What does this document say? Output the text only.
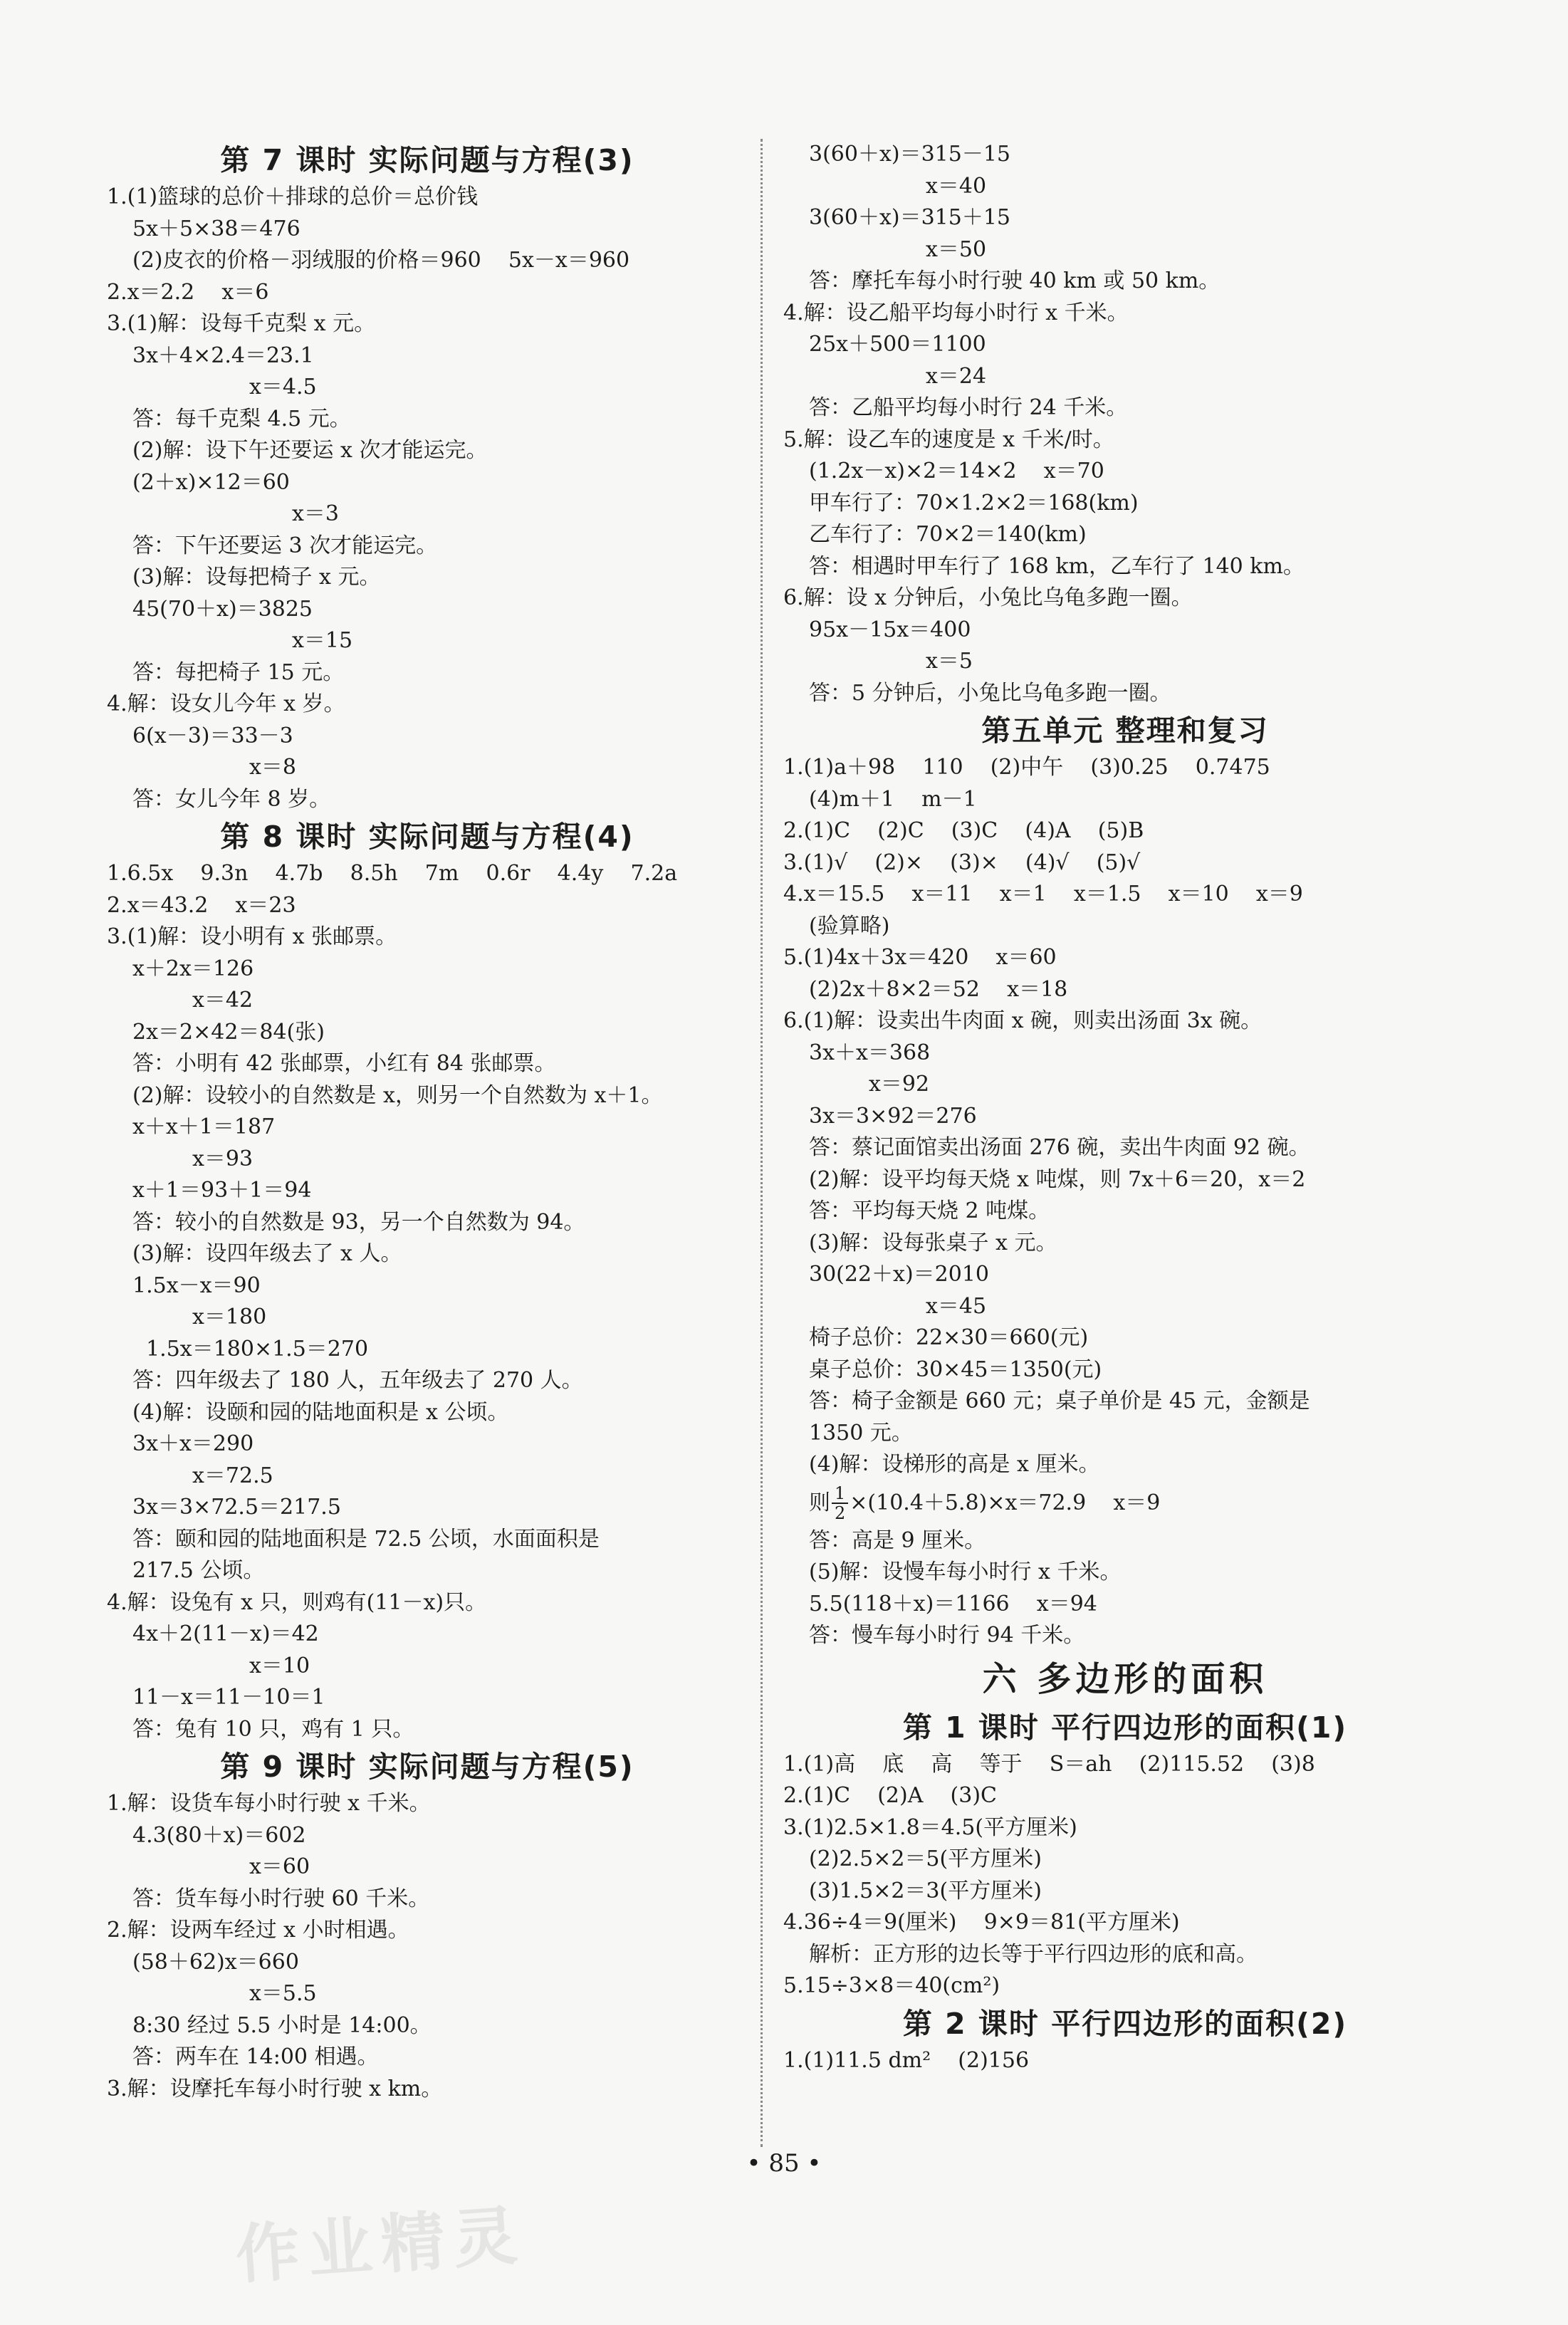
第 7 课时 实际问题与方程(3)
1.(1)篮球的总价＋排球的总价＝总价钱
5x＋5×38＝476
(2)皮衣的价格－羽绒服的价格＝960    5x－x＝960
2.x＝2.2    x＝6
3.(1)解：设每千克梨 x 元。
3x＋4×2.4＝23.1
x＝4.5
答：每千克梨 4.5 元。
(2)解：设下午还要运 x 次才能运完。
(2＋x)×12＝60
x＝3
答：下午还要运 3 次才能运完。
(3)解：设每把椅子 x 元。
45(70＋x)＝3825
x＝15
答：每把椅子 15 元。
4.解：设女儿今年 x 岁。
6(x－3)＝33－3
x＝8
答：女儿今年 8 岁。
第 8 课时 实际问题与方程(4)
1.6.5x    9.3n    4.7b    8.5h    7m    0.6r    4.4y    7.2a
2.x＝43.2    x＝23
3.(1)解：设小明有 x 张邮票。
x＋2x＝126
x＝42
2x＝2×42＝84(张)
答：小明有 42 张邮票，小红有 84 张邮票。
(2)解：设较小的自然数是 x，则另一个自然数为 x＋1。
x＋x＋1＝187
x＝93
x＋1＝93＋1＝94
答：较小的自然数是 93，另一个自然数为 94。
(3)解：设四年级去了 x 人。
1.5x－x＝90
x＝180
1.5x＝180×1.5＝270
答：四年级去了 180 人，五年级去了 270 人。
(4)解：设颐和园的陆地面积是 x 公顷。
3x＋x＝290
x＝72.5
3x＝3×72.5＝217.5
答：颐和园的陆地面积是 72.5 公顷，水面面积是
217.5 公顷。
4.解：设兔有 x 只，则鸡有(11－x)只。
4x＋2(11－x)＝42
x＝10
11－x＝11－10＝1
答：兔有 10 只，鸡有 1 只。
第 9 课时 实际问题与方程(5)
1.解：设货车每小时行驶 x 千米。
4.3(80＋x)＝602
x＝60
答：货车每小时行驶 60 千米。
2.解：设两车经过 x 小时相遇。
(58＋62)x＝660
x＝5.5
8:30 经过 5.5 小时是 14:00。
答：两车在 14:00 相遇。
3.解：设摩托车每小时行驶 x km。
3(60＋x)＝315－15
x＝40
3(60＋x)＝315＋15
x＝50
答：摩托车每小时行驶 40 km 或 50 km。
4.解：设乙船平均每小时行 x 千米。
25x＋500＝1100
x＝24
答：乙船平均每小时行 24 千米。
5.解：设乙车的速度是 x 千米/时。
(1.2x－x)×2＝14×2    x＝70
甲车行了：70×1.2×2＝168(km)
乙车行了：70×2＝140(km)
答：相遇时甲车行了 168 km，乙车行了 140 km。
6.解：设 x 分钟后，小兔比乌龟多跑一圈。
95x－15x＝400
x＝5
答：5 分钟后，小兔比乌龟多跑一圈。
第五单元 整理和复习
1.(1)a＋98    110    (2)中午    (3)0.25    0.7475
(4)m＋1    m－1
2.(1)C    (2)C    (3)C    (4)A    (5)B
3.(1)√    (2)×    (3)×    (4)√    (5)√
4.x＝15.5    x＝11    x＝1    x＝1.5    x＝10    x＝9
(验算略)
5.(1)4x＋3x＝420    x＝60
(2)2x＋8×2＝52    x＝18
6.(1)解：设卖出牛肉面 x 碗，则卖出汤面 3x 碗。
3x＋x＝368
x＝92
3x＝3×92＝276
答：蔡记面馆卖出汤面 276 碗，卖出牛肉面 92 碗。
(2)解：设平均每天烧 x 吨煤，则 7x＋6＝20，x＝2
答：平均每天烧 2 吨煤。
(3)解：设每张桌子 x 元。
30(22＋x)＝2010
x＝45
椅子总价：22×30＝660(元)
桌子总价：30×45＝1350(元)
答：椅子金额是 660 元；桌子单价是 45 元，金额是
1350 元。
(4)解：设梯形的高是 x 厘米。
则 $\frac{1}{2} \times(10.4+5.8)\times x=72.9$    x＝9
答：高是 9 厘米。
(5)解：设慢车每小时行 x 千米。
5.5(118＋x)＝1166    x＝94
答：慢车每小时行 94 千米。
六 多边形的面积
第 1 课时 平行四边形的面积(1)
1.(1)高    底    高    等于    S＝ah    (2)115.52    (3)8
2.(1)C    (2)A    (3)C
3.(1)2.5×1.8＝4.5(平方厘米)
(2)2.5×2＝5(平方厘米)
(3)1.5×2＝3(平方厘米)
4.36÷4＝9(厘米)    9×9＝81(平方厘米)
解析：正方形的边长等于平行四边形的底和高。
5.15÷3×8＝40(cm²)
第 2 课时 平行四边形的面积(2)
1.(1)11.5 dm²    (2)156
• 85 •
作业精灵
